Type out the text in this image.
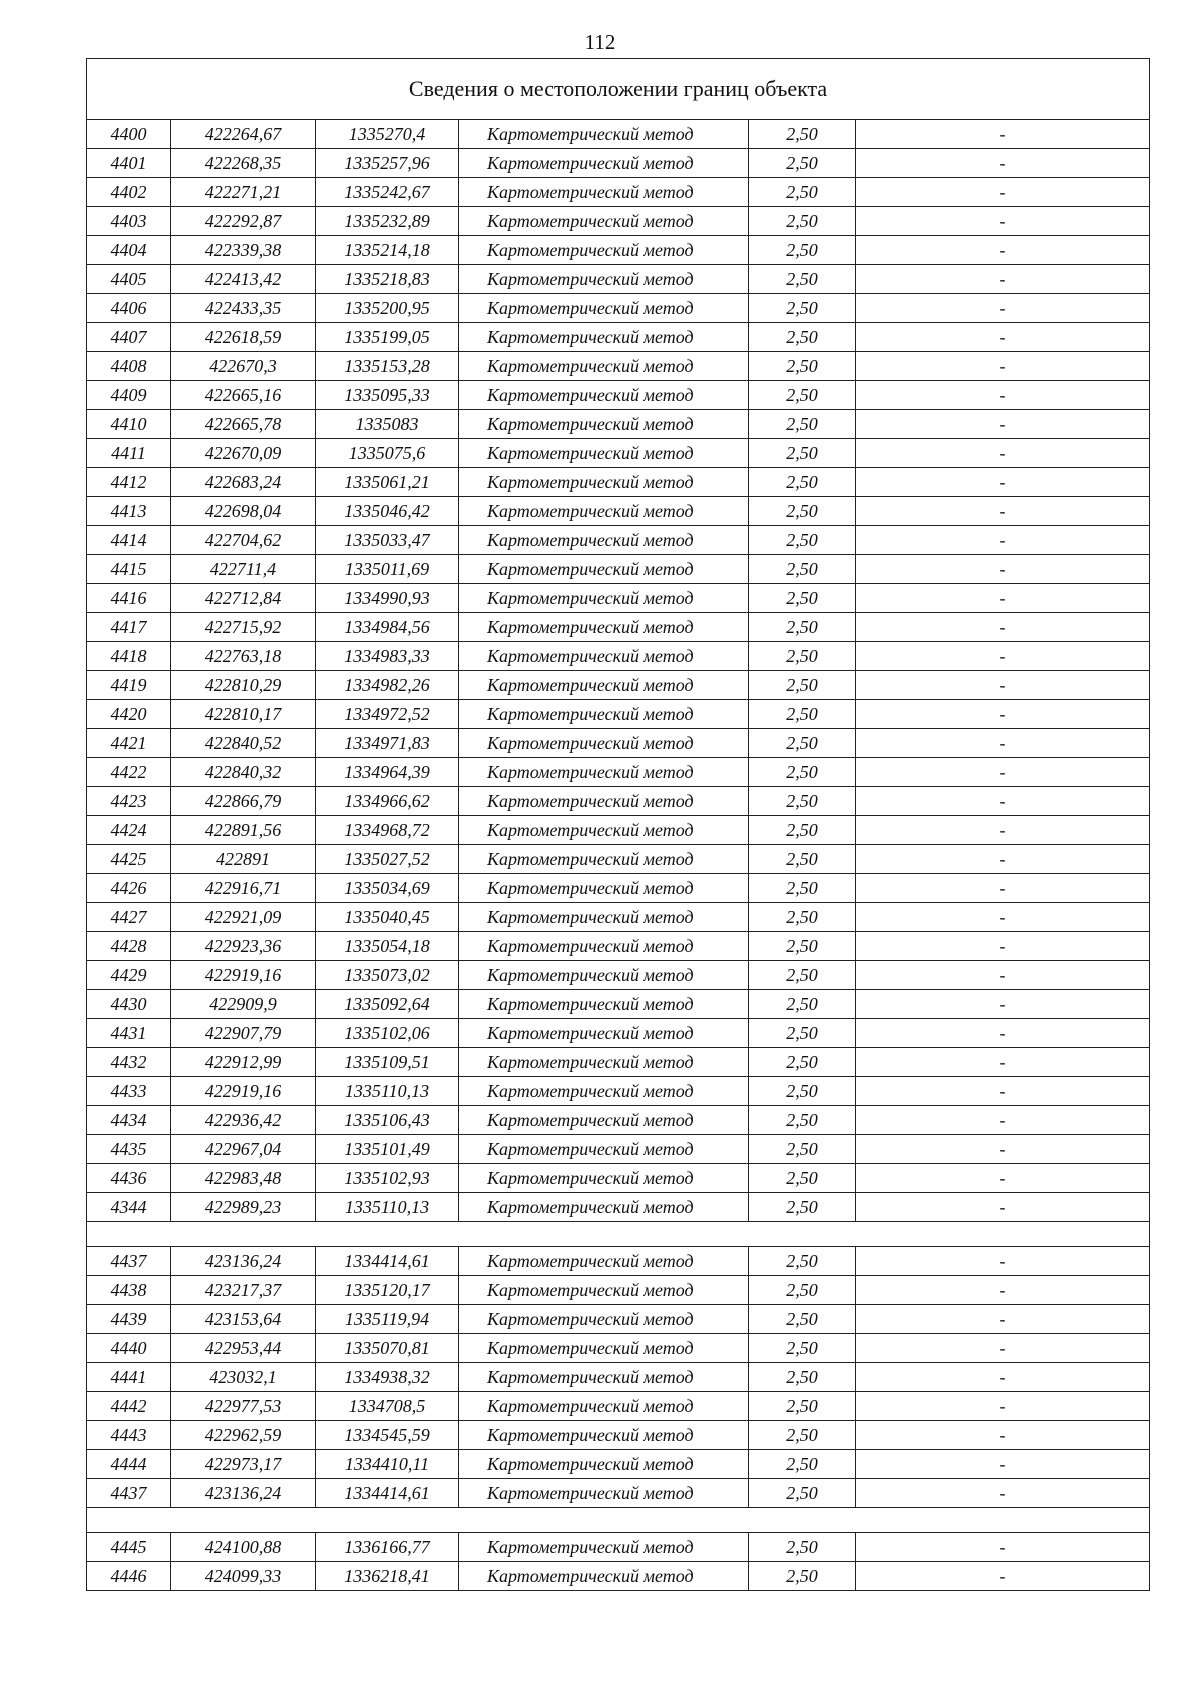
112
Сведения о местоположении границ объекта					
4400	422264,67	1335270,4	Картометрический метод	2,50	-
4401	422268,35	1335257,96	Картометрический метод	2,50	-
4402	422271,21	1335242,67	Картометрический метод	2,50	-
4403	422292,87	1335232,89	Картометрический метод	2,50	-
4404	422339,38	1335214,18	Картометрический метод	2,50	-
4405	422413,42	1335218,83	Картометрический метод	2,50	-
4406	422433,35	1335200,95	Картометрический метод	2,50	-
4407	422618,59	1335199,05	Картометрический метод	2,50	-
4408	422670,3	1335153,28	Картометрический метод	2,50	-
4409	422665,16	1335095,33	Картометрический метод	2,50	-
4410	422665,78	1335083	Картометрический метод	2,50	-
4411	422670,09	1335075,6	Картометрический метод	2,50	-
4412	422683,24	1335061,21	Картометрический метод	2,50	-
4413	422698,04	1335046,42	Картометрический метод	2,50	-
4414	422704,62	1335033,47	Картометрический метод	2,50	-
4415	422711,4	1335011,69	Картометрический метод	2,50	-
4416	422712,84	1334990,93	Картометрический метод	2,50	-
4417	422715,92	1334984,56	Картометрический метод	2,50	-
4418	422763,18	1334983,33	Картометрический метод	2,50	-
4419	422810,29	1334982,26	Картометрический метод	2,50	-
4420	422810,17	1334972,52	Картометрический метод	2,50	-
4421	422840,52	1334971,83	Картометрический метод	2,50	-
4422	422840,32	1334964,39	Картометрический метод	2,50	-
4423	422866,79	1334966,62	Картометрический метод	2,50	-
4424	422891,56	1334968,72	Картометрический метод	2,50	-
4425	422891	1335027,52	Картометрический метод	2,50	-
4426	422916,71	1335034,69	Картометрический метод	2,50	-
4427	422921,09	1335040,45	Картометрический метод	2,50	-
4428	422923,36	1335054,18	Картометрический метод	2,50	-
4429	422919,16	1335073,02	Картометрический метод	2,50	-
4430	422909,9	1335092,64	Картометрический метод	2,50	-
4431	422907,79	1335102,06	Картометрический метод	2,50	-
4432	422912,99	1335109,51	Картометрический метод	2,50	-
4433	422919,16	1335110,13	Картометрический метод	2,50	-
4434	422936,42	1335106,43	Картометрический метод	2,50	-
4435	422967,04	1335101,49	Картометрический метод	2,50	-
4436	422983,48	1335102,93	Картометрический метод	2,50	-
4344	422989,23	1335110,13	Картометрический метод	2,50	-

4437	423136,24	1334414,61	Картометрический метод	2,50	-
4438	423217,37	1335120,17	Картометрический метод	2,50	-
4439	423153,64	1335119,94	Картометрический метод	2,50	-
4440	422953,44	1335070,81	Картометрический метод	2,50	-
4441	423032,1	1334938,32	Картометрический метод	2,50	-
4442	422977,53	1334708,5	Картометрический метод	2,50	-
4443	422962,59	1334545,59	Картометрический метод	2,50	-
4444	422973,17	1334410,11	Картометрический метод	2,50	-
4437	423136,24	1334414,61	Картометрический метод	2,50	-

4445	424100,88	1336166,77	Картометрический метод	2,50	-
4446	424099,33	1336218,41	Картометрический метод	2,50	-
